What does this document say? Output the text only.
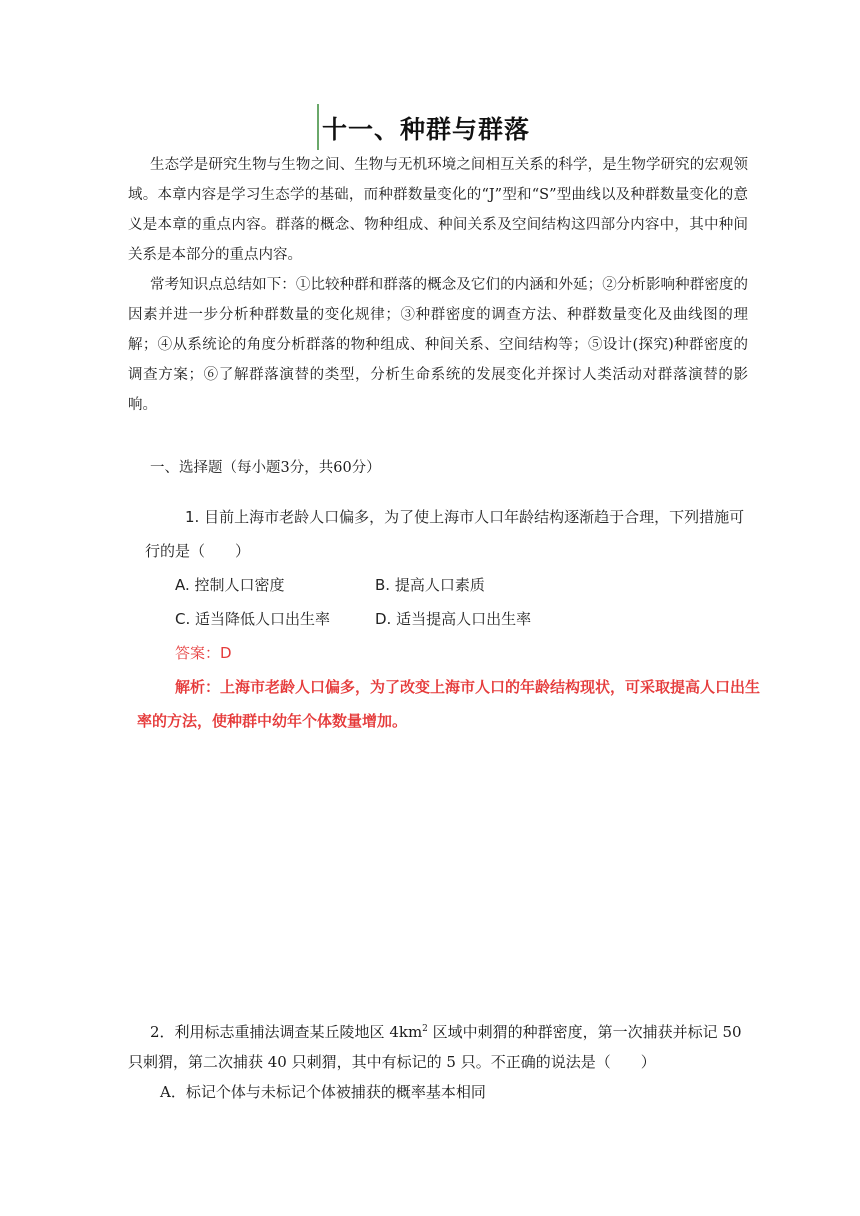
十一、种群与群落

生态学是研究生物与生物之间、生物与无机环境之间相互关系的科学，是生物学研究的宏观领域。本章内容是学习生态学的基础，而种群数量变化的“J”型和“S”型曲线以及种群数量变化的意义是本章的重点内容。群落的概念、物种组成、种间关系及空间结构这四部分内容中，其中种间关系是本部分的重点内容。

常考知识点总结如下：①比较种群和群落的概念及它们的内涵和外延；②分析影响种群密度的因素并进一步分析种群数量的变化规律；③种群密度的调查方法、种群数量变化及曲线图的理解；④从系统论的角度分析群落的物种组成、种间关系、空间结构等；⑤设计(探究)种群密度的调查方案；⑥了解群落演替的类型，分析生命系统的发展变化并探讨人类活动对群落演替的影响。

一、选择题（每小题3分，共60分）
1. 目前上海市老龄人口偏多，为了使上海市人口年龄结构逐渐趋于合理，下列措施可
行的是（　　）
A. 控制人口密度	B. 提高人口素质
C. 适当降低人口出生率	D. 适当提高人口出生率
答案：D
解析：上海市老龄人口偏多，为了改变上海市人口的年龄结构现状，可采取提高人口出生率的方法，使种群中幼年个体数量增加。

2．利用标志重捕法调查某丘陵地区 $4km^2$ 区域中刺猬的种群密度，第一次捕获并标记 50 只刺猬，第二次捕获 40 只刺猬，其中有标记的 5 只。不正确的说法是（　　）

A．标记个体与未标记个体被捕获的概率基本相同
